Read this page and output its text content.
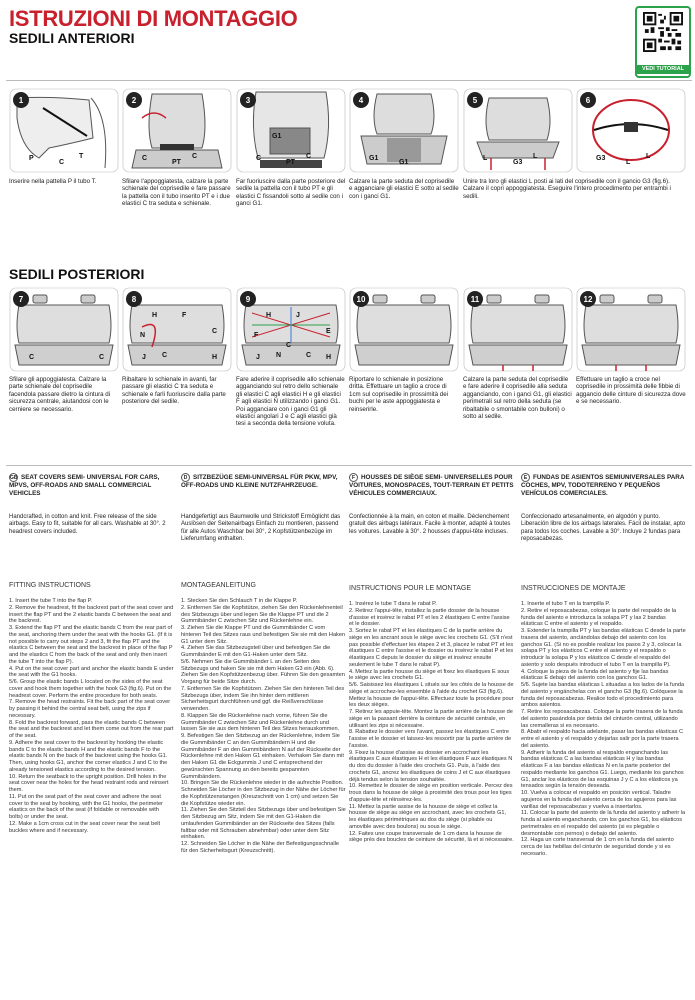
ISTRUZIONI DI MONTAGGIO
SEDILI ANTERIORI
VEDI TUTORIAL
1
P
C
T
Inserire nella pattella P il tubo T.
2
C
PT
C
Sfilare l'appoggiatesta, calzare la parte schienale del coprisedile e fare passare la pattella con il tubo inserito PT e i due elastici C tra seduta e schienale.
3
C
PT
C
G1
Far fuoriuscire dalla parte posteriore del sedile la pattella con il tubo PT e gli elastici C fissandoli sotto al sedile con i ganci G1.
4
G1
G1
Calzare la parte seduta del coprisedile e agganciare gli elastici E sotto al sedile con i ganci G1.
5
L
G3
L
Unire tra loro gli elastici L posti ai lati del coprisedile con il gancio G3 (fig.6). Calzare il copri appoggiatesta. Eseguire l'intero procedimento per entrambi i sedili.
6
G3
L
L
SEDILI POSTERIORI
7
C	C
Sfilare gli appoggiatesta. Calzare la parte schienale del coprisedile facendola passare dietro la cintura di sicurezza centrale, aiutandosi con le cerniere se necessario.
8
J	H
H	F
N
C
C
Ribaltare lo schienale in avanti, far passare gli elastici C tra seduta e schienale e farli fuoriuscire dalla parte posteriore del sedile.
9
J	H
H	J
F
E
N	C
C
Fare aderire il coprisedile allo schienale agganciando sul retro dello schienale gli elastici C agli elastici H e gli elastici F agli elastici N utilizzando i ganci G1. Poi agganciare con i ganci G1 gli elastici angolari J e C agli elastici già tesi a seconda della tensione voluta.
10
Riportare lo schienale in posizione dritta. Effettuare un taglio a croce di 1cm sul coprisedile in prossimità dei buchi per le aste appoggiatesta e reinserirle.
11
Calzare la parte seduta del coprisedile e fare aderire il coprisedile alla seduta agganciando, con i ganci G1, gli elastici perimetrali sul retro della seduta (se ribaltabile o smontabile con bulloni) o sotto al sedile.
12
Effettuare un taglio a croce nel coprisedile in prossimità delle fibbie di aggancio delle cinture di sicurezza dove e se necessario.
GB SEAT COVERS SEMI- UNIVERSAL FOR CARS, MPVS, OFF-ROADS AND SMALL COMMERCIAL VEHICLES
Handcrafted, in cotton and knit. Free release of the side airbags. Easy to fit, suitable for all cars. Washable at 30°. 2 headrest covers included.
FITTING INSTRUCTIONS
1. Insert the tube T into the flap P.
2. Remove the headrest, fit the backrest part of the seat cover and insert the flap PT and the 2 elastic bands C between the seat and the backrest.
3. Extend the flap PT and the elastic bands C from the rear part of the seat, anchoring them under the seat with the hooks G1. (If it is not possible to carry out steps 2 and 3, fit the flap PT and the elastics C between the seat and the backrest in place of the flap P and the elastics C from the back of the seat and only then insert the tube T into the flap P).
4. Put on the seat cover part and anchor the elastic bands E under the seat with the G1 hooks.
5/6. Group the elastic bands L located on the sides of the seat cover and hook them together with the hook G3 (fig.6). Put on the headrest cover. Perform the entire procedure for both seats.
7. Remove the head restraints. Fit the back part of the seat cover by passing it behind the central seat belt, using the zips if necessary.
8. Fold the backrest forward, pass the elastic bands C between the seat and the backrest and let them come out from the rear part of the seat.
9. Adhere the seat cover to the backrest by hooking the elastic bands C to the elastic bands H and the elastic bands F to the elastic bands N on the back of the backrest using the hooks G1. Then, using hooks G1, anchor the corner elastics J and C to the already tensioned elastics according to the desired tension.
10. Return the seatback to the upright position. Drill holes in the seat cover near the holes for the head restraint rods and reinsert them.
11. Put on the seat part of the seat cover and adhere the seat cover to the seat by hooking, with the G1 hooks, the perimeter elastics on the back of the seat (if foldable or removable with bolts) or under the seat.
12. Make a 1cm cross cut in the seat cover near the seat belt buckles where and if necessary.
D SITZBEZÜGE SEMI-UNIVERSAL FÜR PKW, MPV, OFF-ROADS UND KLEINE NUTZFAHRZEUGE.
Handgefertigt aus Baumwolle und Strickstoff Ermöglicht das Auslösen der Seitenairbags Einfach zu montieren, passend für alle Autos Waschbar bei 30°, 2 Kopfstützenbezüge im Lieferumfang enthalten.
MONTAGEANLEITUNG
1. Stecken Sie den Schlauch T in die Klappe P.
2. Entfernen Sie die Kopfstütze, ziehen Sie den Rückenlehnenteil des Sitzbezugs über und legen Sie die Klappe PT und die 2 Gummibänder C zwischen Sitz und Rückenlehne ein.
3. Ziehen Sie die Klappe PT und die Gummibänder C vom hinteren Teil des Sitzes raus und befestigen Sie sie mit den Haken G1 unter dem Sitz.
4. Ziehen Sie das Sitzbezugsteil über und befestigen Sie die Gummibänder E mit den G1-Haken unter dem Sitz.
5/6. Nehmen Sie die Gummibänder L an den Seiten des Sitzbezugs und haken Sie sie mit dem Haken G3 ein (Abb. 6). Ziehen Sie den Kopfstützenbezug über. Führen Sie den gesamten Vorgang für beide Sitze durch.
7. Entfernen Sie die Kopfstützen. Ziehen Sie den hinteren Teil des Sitzbezugs über, indem Sie ihn hinter dem mittleren Sicherheitsgurt durchführen und ggf. die Reißverschlüsse verwenden.
8. Klappen Sie die Rückenlehne nach vorne, führen Sie die Gummibänder C zwischen Sitz und Rückenlehne durch und lassen Sie sie aus dem hinteren Teil des Sitzes herauskommen.
9. Befestigen Sie den Sitzbezug an der Rückenlehne, indem Sie die Gummibänder C an den Gummibändern H und die Gummibänder F an den Gummibändern N auf der Rückseite der Rückenlehne mit den Haken G1 einhaken. Verhaken Sie dann mit den Haken G1 die Eckgummis J und C entsprechend der gewünschten Spannung an den bereits gespannten Gummibändern.
10. Bringen Sie die Rückenlehne wieder in die aufrechte Position. Schneiden Sie Löcher in den Sitzbezug in der Nähe der Löcher für die Kopfstützenstangen (Kreuzschnitt von 1 cm) und setzen Sie die Kopfstütze wieder ein.
11. Ziehen Sie den Sitzteil des Sitzbezugs über und befestigen Sie den Sitzbezug am Sitz, indem Sie mit den G1-Haken die umlaufenden Gummibänder an der Rückseite des Sitzes (falls faltbar oder mit Schrauben abnehmbar) oder unter dem Sitz einhaken.
12. Schneiden Sie Löcher in die Nähe der Befestigungsschnalle für den Sicherheitsgurt (Kreuzschnitt).
F HOUSSES DE SIÈGE SEMI- UNIVERSELLES POUR VOITURES, MONOSPACES, TOUT-TERRAIN ET PETITS VÉHICULES COMMERCIAUX.
Confectionnée à la main, en coton et maille. Déclenchement gratuit des airbags latéraux. Facile à monter, adapté à toutes les voitures. Lavable à 30°. 2 housses d'appui-tête incluses.
INSTRUCTIONS POUR LE MONTAGE
1. Insérez le tube T dans le rabat P.
2. Retirez l'appui-tête, installez la partie dossier de la housse d'assise et insérez le rabat PT et les 2 élastiques C entre l'assise et le dossier.
3. Sortez le rabat PT et les élastiques C de la partie arrière du siège en les ancrant sous le siège avec les crochets G1. (S'il n'est pas possible d'effectuer les étapes 2 et 3, placez le rabat PT et les élastiques C entre l'assise et le dossier ou insérez le rabat P et les élastiques C depuis le dossier du siège et insérez ensuite seulement le tube T dans le rabat P).
4. Mettez la partie housse du siège et fixez les élastiques E sous le siège avec les crochets G1.
5/6. Saisissez les élastiques L situés sur les côtés de la housse de siège et accrochez-les ensemble à l'aide du crochet G3 (fig.6). Mettez la housse de l'appui-tête. Effectuez toute la procédure pour les deux sièges.
7. Retirez les appuie-tête. Montez la partie arrière de la housse de siège en la passant derrière la ceinture de sécurité centrale, en utilisant les zips si nécessaire.
8. Rabattez le dossier vers l'avant, passez les élastiques C entre l'assise et le dossier et laissez-les ressortir par la partie arrière de l'assise.
9. Fixez la housse d'assise au dossier en accrochant les élastiques C aux élastiques H et les élastiques F aux élastiques N du dos du dossier à l'aide des crochets G1. Puis, à l'aide des crochets G1, ancrez les élastiques de coins J et C aux élastiques déjà tendus selon la tension souhaitée.
10. Remettez le dossier de siège en position verticale. Percez des trous dans la housse de siège à proximité des trous pour les tiges d'appuie-tête et réinsérez-les.
11. Mettez la partie assise de la housse de siège et collez la housse de siège au siège en accrochant, avec les crochets G1, les élastiques périmétriques au dos du siège (si pliable ou amovible avec des boulons) ou sous le siège.
12. Faites une coupe transversale de 1 cm dans la housse de siège près des boucles de ceinture de sécurité, là et si nécessaire.
E FUNDAS DE ASIENTOS SEMIUNIVERSALES PARA COCHES, MPV, TODOTERRENO Y PEQUEÑOS VEHÍCULOS COMERCIALES.
Confeccionado artesanalmente, en algodón y punto. Liberación libre de los airbags laterales. Fácil de instalar, apto para todos los coches. Lavable a 30°. Incluye 2 fundas para reposacabezas.
INSTRUCCIONES DE MONTAJE
1. Inserte el tubo T en la trampilla P.
2. Retire el reposacabezas, coloque la parte del respaldo de la funda del asiento e introduzca la solapa PT y las 2 bandas elásticas C entre el asiento y el respaldo.
3. Extender la trampilla PT y las bandas elásticas C desde la parte trasera del asiento, anclándolas debajo del asiento con los ganchos G1. (Si no es posible realizar los pasos 2 y 3, colocar la solapa PT y los elásticos C entre el asiento y el respaldo o introducir la solapa P y los elásticos C desde el respaldo del asiento y solo después introducir el tubo T en la trampilla P).
4. Coloque la pieza de la funda del asiento y fije las bandas elásticas E debajo del asiento con los ganchos G1.
5/6. Sujete las bandas elásticas L situadas a los lados de la funda del asiento y engánchelas con el gancho G3 (fig.6). Colóquese la funda del reposacabezas. Realice todo el procedimiento para ambos asientos.
7. Retire los reposacabezas. Coloque la parte trasera de la funda del asiento pasándola por detrás del cinturón central, utilizando las cremalleras si es necesario.
8. Abatir el respaldo hacia adelante, pasar las bandas elásticas C entre el asiento y el respaldo y dejarlas salir por la parte trasera del asiento.
9. Adherir la funda del asiento al respaldo enganchando las bandas elásticas C a las bandas elásticas H y las bandas elásticas F a las bandas elásticas N en la parte posterior del respaldo mediante los ganchos G1. Luego, mediante los ganchos G1, anclar los elásticos de las esquinas J y C a los elásticos ya tensados según la tensión deseada.
10. Vuelva a colocar el respaldo en posición vertical. Taladre agujeros en la funda del asiento cerca de los agujeros para las varillas del reposacabezas y vuelva a insertarlos.
11. Colocar la parte del asiento de la funda del asiento y adherir la funda al asiento enganchando, con los ganchos G1, los elásticos perimetrales en el respaldo del asiento (si es plegable o desmontable con pernos) o debajo del asiento.
12. Haga un corte transversal de 1 cm en la funda del asiento cerca de las hebillas del cinturón de seguridad donde y si es necesario.
